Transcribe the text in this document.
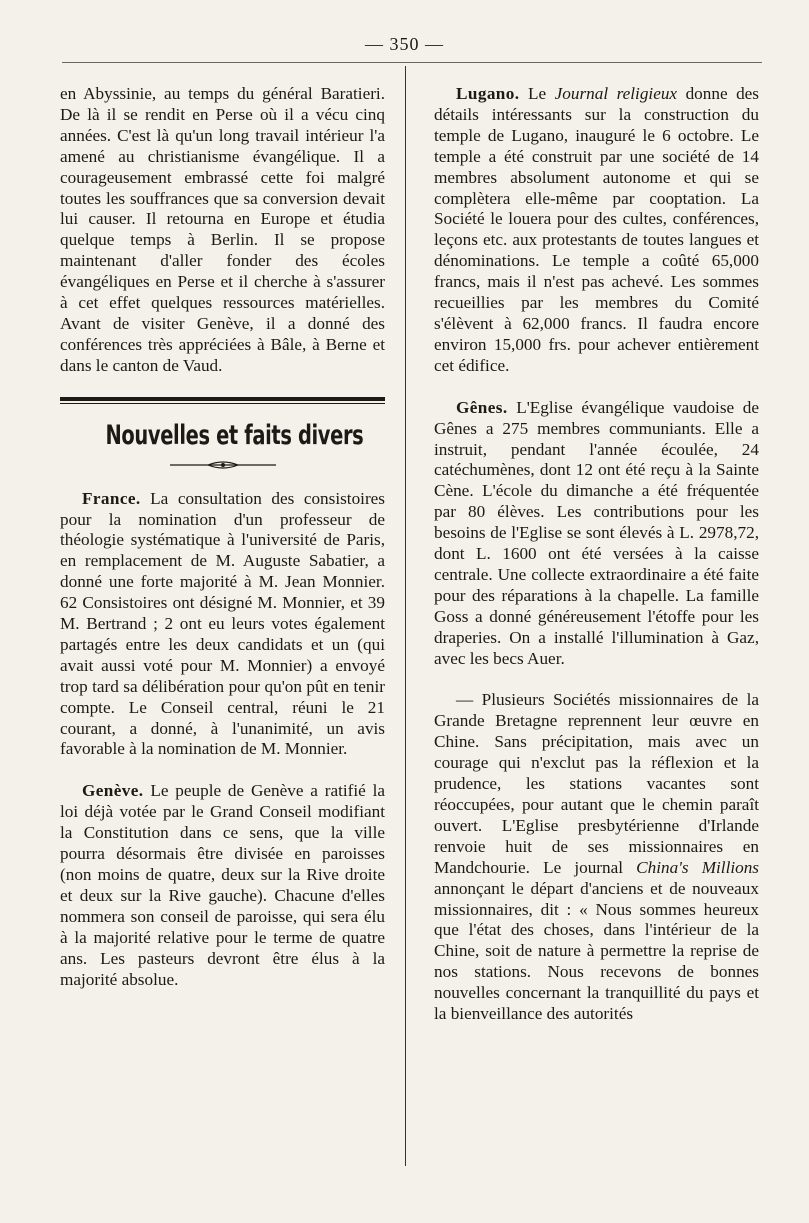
— 350 —

en Abyssinie, au temps du général Baratieri. De là il se rendit en Perse où il a vécu cinq années. C'est là qu'un long travail intérieur l'a amené au christianisme évangélique. Il a courageusement embrassé cette foi malgré toutes les souffrances que sa conversion devait lui causer. Il retourna en Europe et étudia quelque temps à Berlin. Il se propose maintenant d'aller fonder des écoles évangéliques en Perse et il cherche à s'assurer à cet effet quelques ressources matérielles. Avant de visiter Genève, il a donné des conférences très appréciées à Bâle, à Berne et dans le canton de Vaud.

Nouvelles et faits divers

France. La consultation des consistoires pour la nomination d'un professeur de théologie systématique à l'université de Paris, en remplacement de M. Auguste Sabatier, a donné une forte majorité à M. Jean Monnier. 62 Consistoires ont désigné M. Monnier, et 39 M. Bertrand ; 2 ont eu leurs votes également partagés entre les deux candidats et un (qui avait aussi voté pour M. Monnier) a envoyé trop tard sa délibération pour qu'on pût en tenir compte. Le Conseil central, réuni le 21 courant, a donné, à l'unanimité, un avis favorable à la nomination de M. Monnier.

Genève. Le peuple de Genève a ratifié la loi déjà votée par le Grand Conseil modifiant la Constitution dans ce sens, que la ville pourra désormais être divisée en paroisses (non moins de quatre, deux sur la Rive droite et deux sur la Rive gauche). Chacune d'elles nommera son conseil de paroisse, qui sera élu à la majorité relative pour le terme de quatre ans. Les pasteurs devront être élus à la majorité absolue.

Lugano. Le Journal religieux donne des détails intéressants sur la construction du temple de Lugano, inauguré le 6 octobre. Le temple a été construit par une société de 14 membres absolument autonome et qui se complètera elle-même par cooptation. La Société le louera pour des cultes, conférences, leçons etc. aux protestants de toutes langues et dénominations. Le temple a coûté 65,000 francs, mais il n'est pas achevé. Les sommes recueillies par les membres du Comité s'élèvent à 62,000 francs. Il faudra encore environ 15,000 frs. pour achever entièrement cet édifice.

Gênes. L'Eglise évangélique vaudoise de Gênes a 275 membres communiants. Elle a instruit, pendant l'année écoulée, 24 catéchumènes, dont 12 ont été reçu à la Sainte Cène. L'école du dimanche a été fréquentée par 80 élèves. Les contributions pour les besoins de l'Eglise se sont élevés à L. 2978,72, dont L. 1600 ont été versées à la caisse centrale. Une collecte extraordinaire a été faite pour des réparations à la chapelle. La famille Goss a donné généreusement l'étoffe pour les draperies. On a installé l'illumination à Gaz, avec les becs Auer.

— Plusieurs Sociétés missionnaires de la Grande Bretagne reprennent leur œuvre en Chine. Sans précipitation, mais avec un courage qui n'exclut pas la réflexion et la prudence, les stations vacantes sont réoccupées, pour autant que le chemin paraît ouvert. L'Eglise presbytérienne d'Irlande renvoie huit de ses missionnaires en Mandchourie. Le journal China's Millions annonçant le départ d'anciens et de nouveaux missionnaires, dit : « Nous sommes heureux que l'état des choses, dans l'intérieur de la Chine, soit de nature à permettre la reprise de nos stations. Nous recevons de bonnes nouvelles concernant la tranquillité du pays et la bienveillance des autorités
